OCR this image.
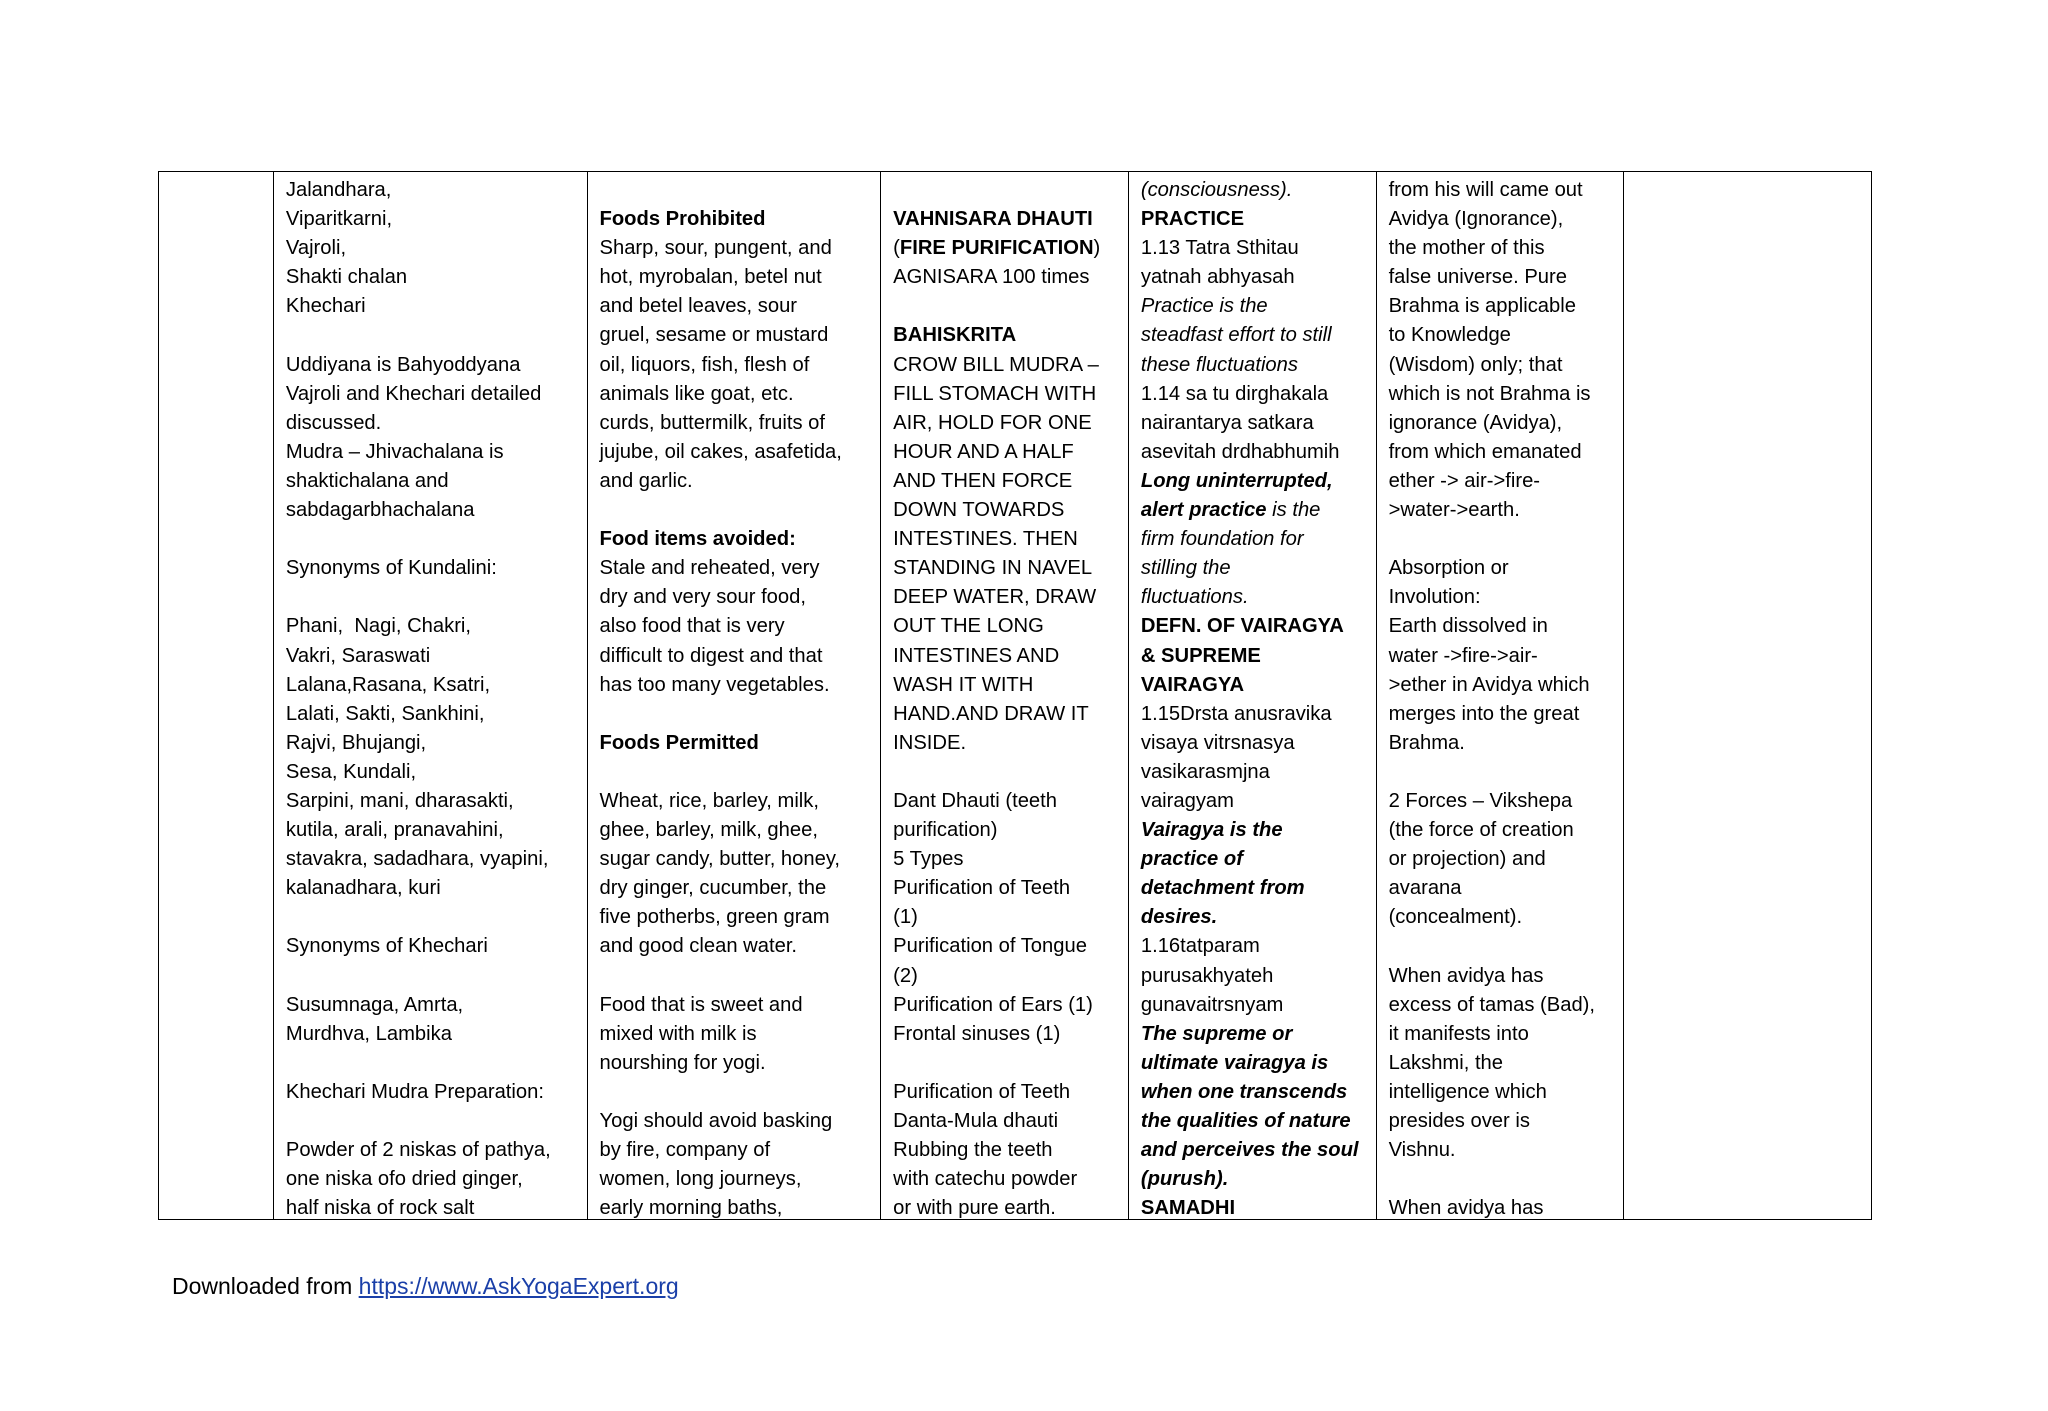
Jalandhara,
Viparitkarni,
Vajroli,
Shakti chalan
Khechari
Uddiyana is Bahyoddyana
Vajroli and Khechari detailed
discussed.
Mudra – Jhivachalana is
shaktichalana and
sabdagarbhachalana
Synonyms of Kundalini:
Phani,  Nagi, Chakri,
Vakri, Saraswati
Lalana,Rasana, Ksatri,
Lalati, Sakti, Sankhini,
Rajvi, Bhujangi,
Sesa, Kundali,
Sarpini, mani, dharasakti,
kutila, arali, pranavahini,
stavakra, sadadhara, vyapini,
kalanadhara, kuri
Synonyms of Khechari
Susumnaga, Amrta,
Murdhva, Lambika
Khechari Mudra Preparation:
Powder of 2 niskas of pathya,
one niska ofo dried ginger,
half niska of rock salt
Foods Prohibited
Sharp, sour, pungent, and
hot, myrobalan, betel nut
and betel leaves, sour
gruel, sesame or mustard
oil, liquors, fish, flesh of
animals like goat, etc.
curds, buttermilk, fruits of
jujube, oil cakes, asafetida,
and garlic.
Food items avoided:
Stale and reheated, very
dry and very sour food,
also food that is very
difficult to digest and that
has too many vegetables.
Foods Permitted
Wheat, rice, barley, milk,
ghee, barley, milk, ghee,
sugar candy, butter, honey,
dry ginger, cucumber, the
five potherbs, green gram
and good clean water.
Food that is sweet and
mixed with milk is
nourshing for yogi.
Yogi should avoid basking
by fire, company of
women, long journeys,
early morning baths,
VAHNISARA DHAUTI
(FIRE PURIFICATION)
AGNISARA 100 times
BAHISKRITA
CROW BILL MUDRA –
FILL STOMACH WITH
AIR, HOLD FOR ONE
HOUR AND A HALF
AND THEN FORCE
DOWN TOWARDS
INTESTINES. THEN
STANDING IN NAVEL
DEEP WATER, DRAW
OUT THE LONG
INTESTINES AND
WASH IT WITH
HAND.AND DRAW IT
INSIDE.
Dant Dhauti (teeth
purification)
5 Types
Purification of Teeth
(1)
Purification of Tongue
(2)
Purification of Ears (1)
Frontal sinuses (1)
Purification of Teeth
Danta-Mula dhauti
Rubbing the teeth
with catechu powder
or with pure earth.
(consciousness).
PRACTICE
1.13 Tatra Sthitau
yatnah abhyasah
Practice is the
steadfast effort to still
these fluctuations
1.14 sa tu dirghakala
nairantarya satkara
asevitah drdhabhumih
Long uninterrupted,
alert practice is the
firm foundation for
stilling the
fluctuations.
DEFN. OF VAIRAGYA
& SUPREME
VAIRAGYA
1.15Drsta anusravika
visaya vitrsnasya
vasikarasmjna
vairagyam
Vairagya is the
practice of
detachment from
desires.
1.16tatparam
purusakhyateh
gunavaitrsnyam
The supreme or
ultimate vairagya is
when one transcends
the qualities of nature
and perceives the soul
(purush).
SAMADHI
from his will came out
Avidya (Ignorance),
the mother of this
false universe. Pure
Brahma is applicable
to Knowledge
(Wisdom) only; that
which is not Brahma is
ignorance (Avidya),
from which emanated
ether -> air->fire-
>water->earth.
Absorption or
Involution:
Earth dissolved in
water ->fire->air-
>ether in Avidya which
merges into the great
Brahma.
2 Forces – Vikshepa
(the force of creation
or projection) and
avarana
(concealment).
When avidya has
excess of tamas (Bad),
it manifests into
Lakshmi, the
intelligence which
presides over is
Vishnu.
When avidya has
Downloaded from https://www.AskYogaExpert.org
